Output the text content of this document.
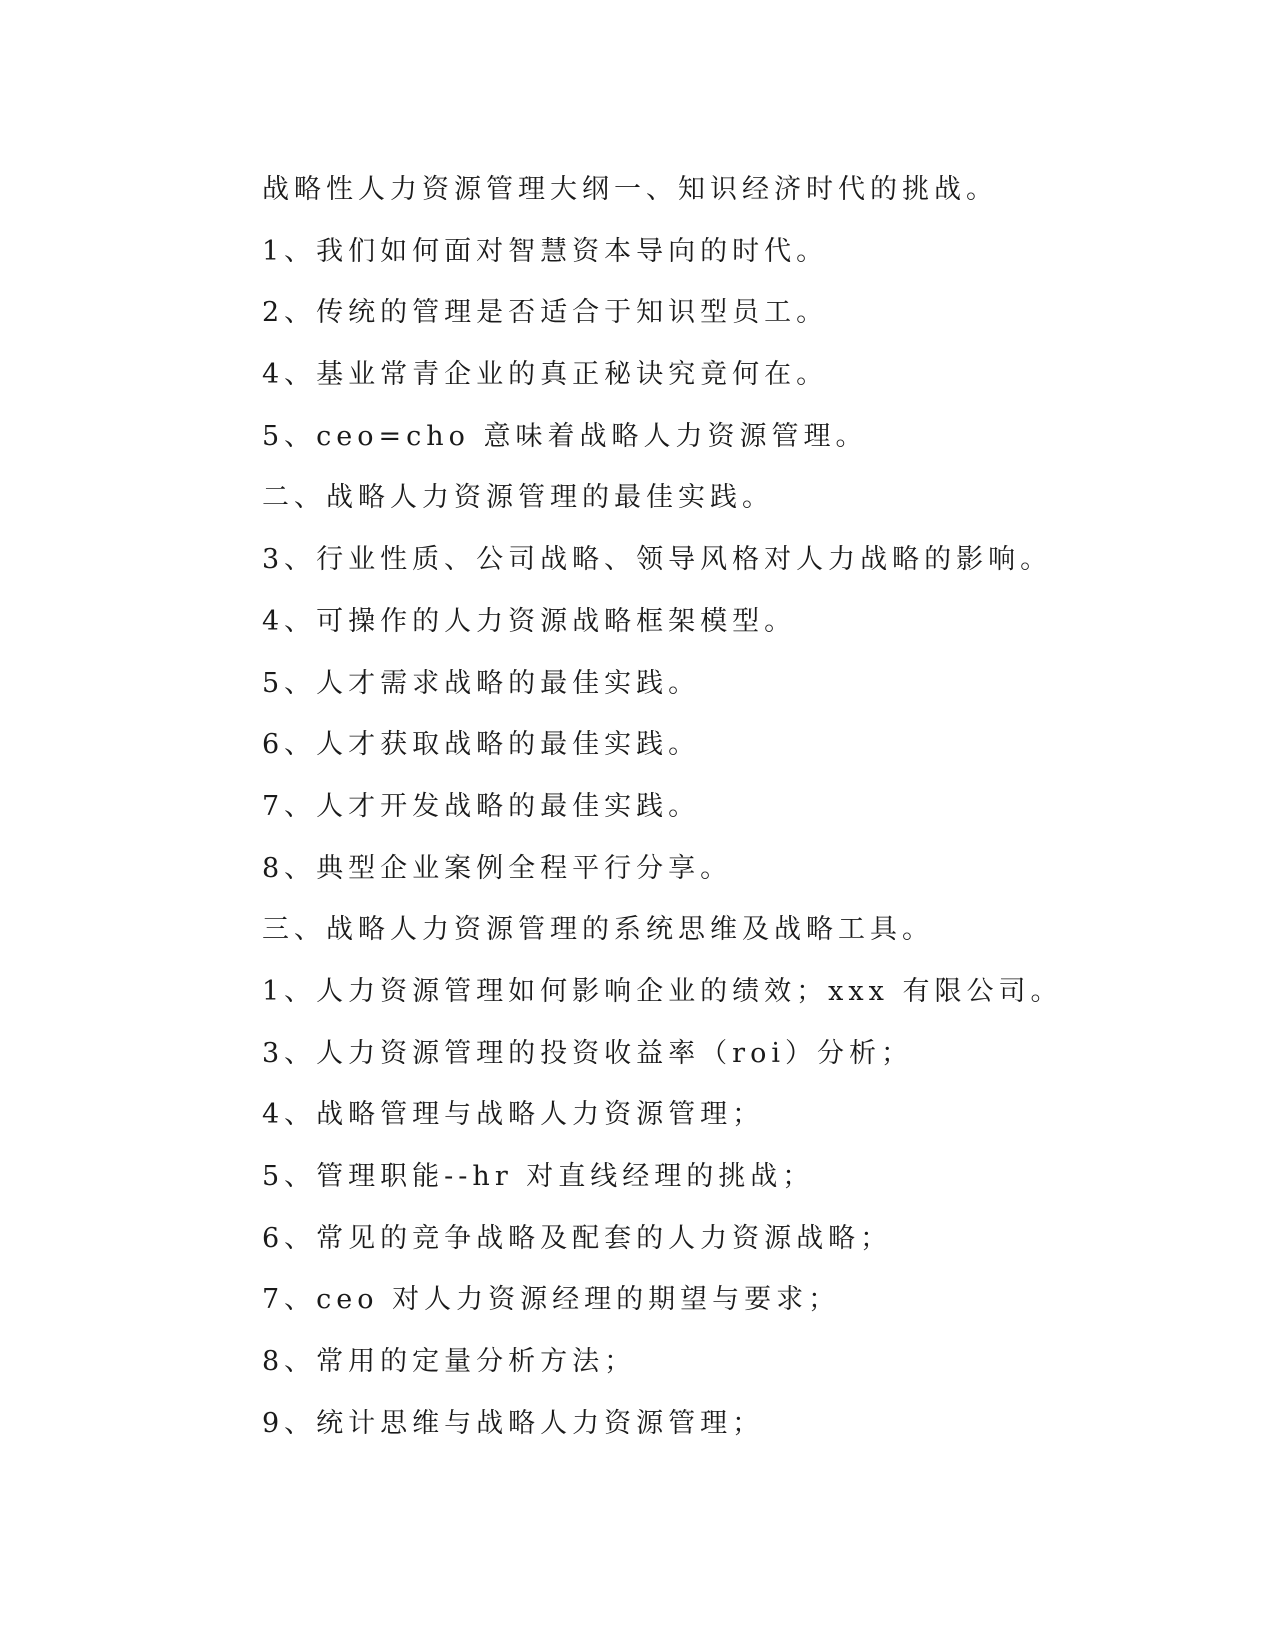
战略性人力资源管理大纲一、知识经济时代的挑战。
1、我们如何面对智慧资本导向的时代。
2、传统的管理是否适合于知识型员工。
4、基业常青企业的真正秘诀究竟何在。
5、ceo=cho 意味着战略人力资源管理。
二、战略人力资源管理的最佳实践。
3、行业性质、公司战略、领导风格对人力战略的影响。
4、可操作的人力资源战略框架模型。
5、人才需求战略的最佳实践。
6、人才获取战略的最佳实践。
7、人才开发战略的最佳实践。
8、典型企业案例全程平行分享。
三、战略人力资源管理的系统思维及战略工具。
1、人力资源管理如何影响企业的绩效；xxx 有限公司。
3、人力资源管理的投资收益率（roi）分析；
4、战略管理与战略人力资源管理；
5、管理职能--hr 对直线经理的挑战；
6、常见的竞争战略及配套的人力资源战略；
7、ceo 对人力资源经理的期望与要求；
8、常用的定量分析方法；
9、统计思维与战略人力资源管理；
